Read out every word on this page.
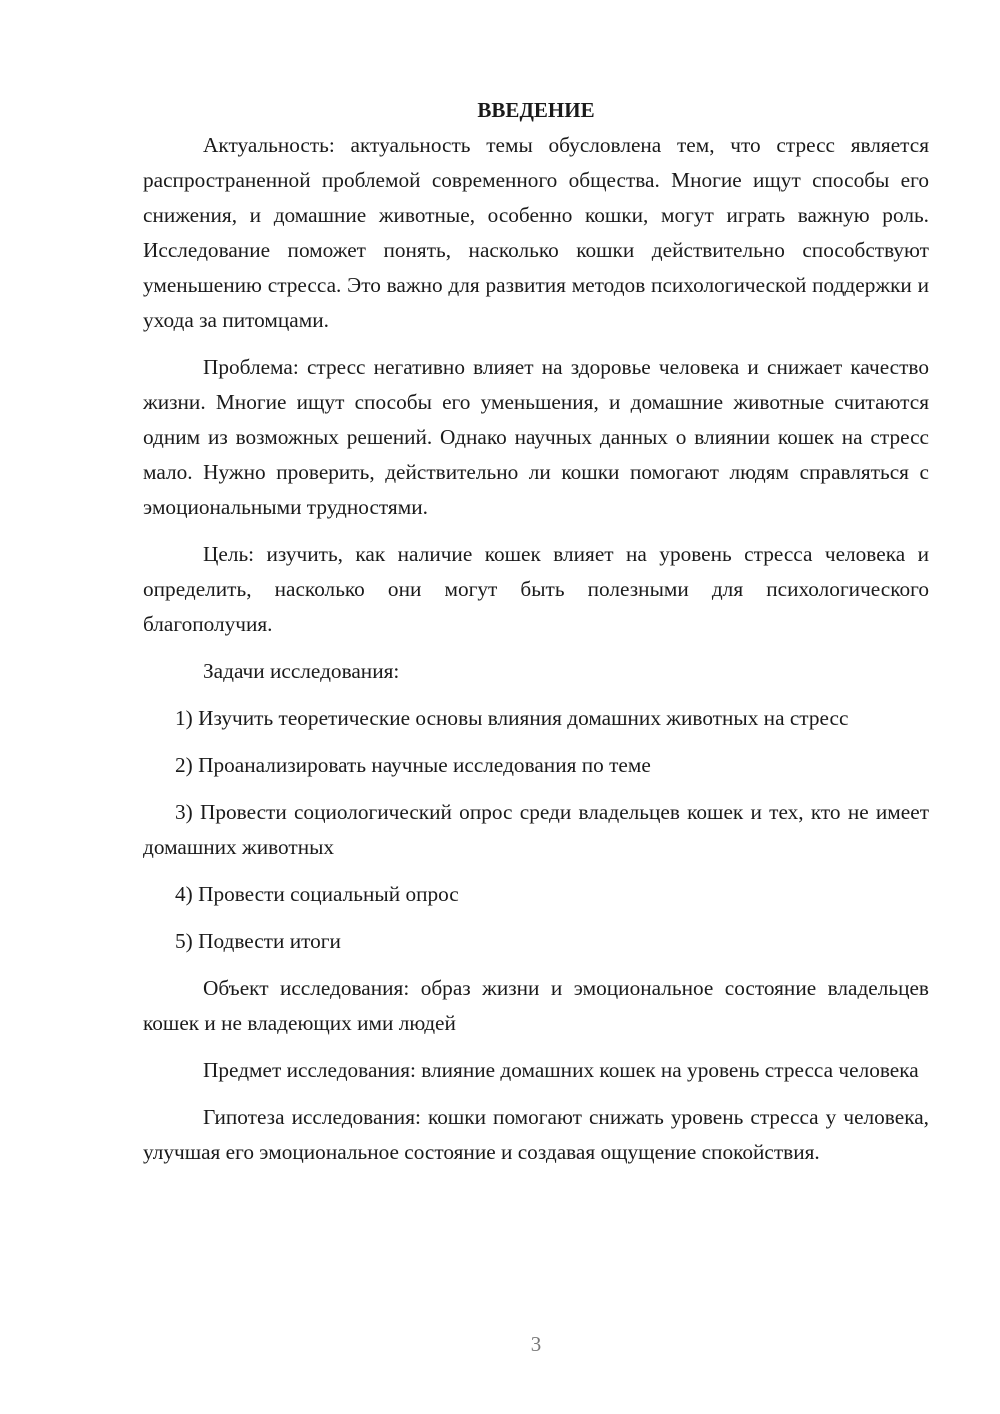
ВВЕДЕНИЕ

Актуальность: актуальность темы обусловлена тем, что стресс является распространенной проблемой современного общества. Многие ищут способы его снижения, и домашние животные, особенно кошки, могут играть важную роль. Исследование поможет понять, насколько кошки действительно способствуют уменьшению стресса. Это важно для развития методов психологической поддержки и ухода за питомцами.

Проблема: стресс негативно влияет на здоровье человека и снижает качество жизни. Многие ищут способы его уменьшения, и домашние животные считаются одним из возможных решений. Однако научных данных о влиянии кошек на стресс мало. Нужно проверить, действительно ли кошки помогают людям справляться с эмоциональными трудностями.

Цель: изучить, как наличие кошек влияет на уровень стресса человека и определить, насколько они могут быть полезными для психологического благополучия.

Задачи исследования:

1) Изучить теоретические основы влияния домашних животных на стресс

2) Проанализировать научные исследования по теме

3) Провести социологический опрос среди владельцев кошек и тех, кто не имеет домашних животных

4) Провести социальный опрос

5) Подвести итоги

Объект исследования: образ жизни и эмоциональное состояние владельцев кошек и не владеющих ими людей

Предмет исследования: влияние домашних кошек на уровень стресса человека

Гипотеза исследования: кошки помогают снижать уровень стресса у человека, улучшая его эмоциональное состояние и создавая ощущение спокойствия.

3
